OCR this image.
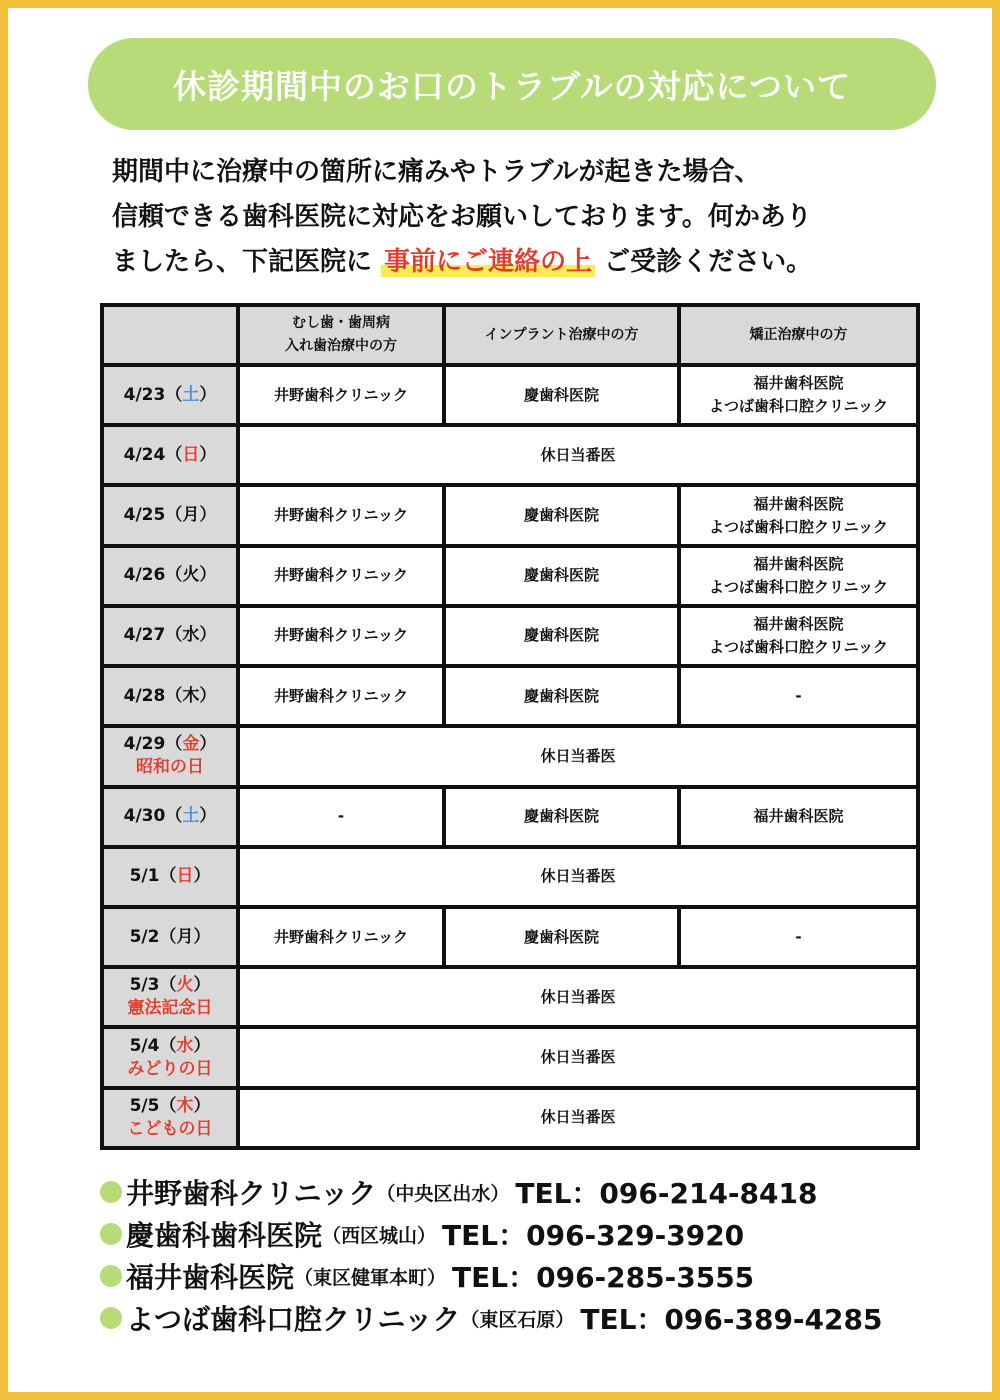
休診期間中のお口のトラブルの対応について
期間中に治療中の箇所に痛みやトラブルが起きた場合、
信頼できる歯科医院に対応をお願いしております。何かあり
ましたら、下記医院に 事前にご連絡の上 ご受診ください。

	むし歯・歯周病
入れ歯治療中の方	インプラント治療中の方	矯正治療中の方

4/23（土）	井野歯科クリニック	慶歯科医院	福井歯科医院
よつば歯科口腔クリニック

4/24（日）	休日当番医		

4/25（月）	井野歯科クリニック	慶歯科医院	福井歯科医院
よつば歯科口腔クリニック

4/26（火）	井野歯科クリニック	慶歯科医院	福井歯科医院
よつば歯科口腔クリニック

4/27（水）	井野歯科クリニック	慶歯科医院	福井歯科医院
よつば歯科口腔クリニック

4/28（木）	井野歯科クリニック	慶歯科医院	-

4/29（金）
昭和の日	休日当番医		

4/30（土）	-	慶歯科医院	福井歯科医院

5/1（日）	休日当番医		

5/2（月）	井野歯科クリニック	慶歯科医院	-

5/3（火）
憲法記念日	休日当番医		

5/4（水）
みどりの日	休日当番医		

5/5（木）
こどもの日	休日当番医		
井野歯科クリニック （中央区出水） TEL：096-214-8418
慶歯科歯科医院 （西区城山） TEL：096-329-3920
福井歯科医院 （東区健軍本町） TEL：096-285-3555
よつば歯科口腔クリニック （東区石原） TEL：096-389-4285
